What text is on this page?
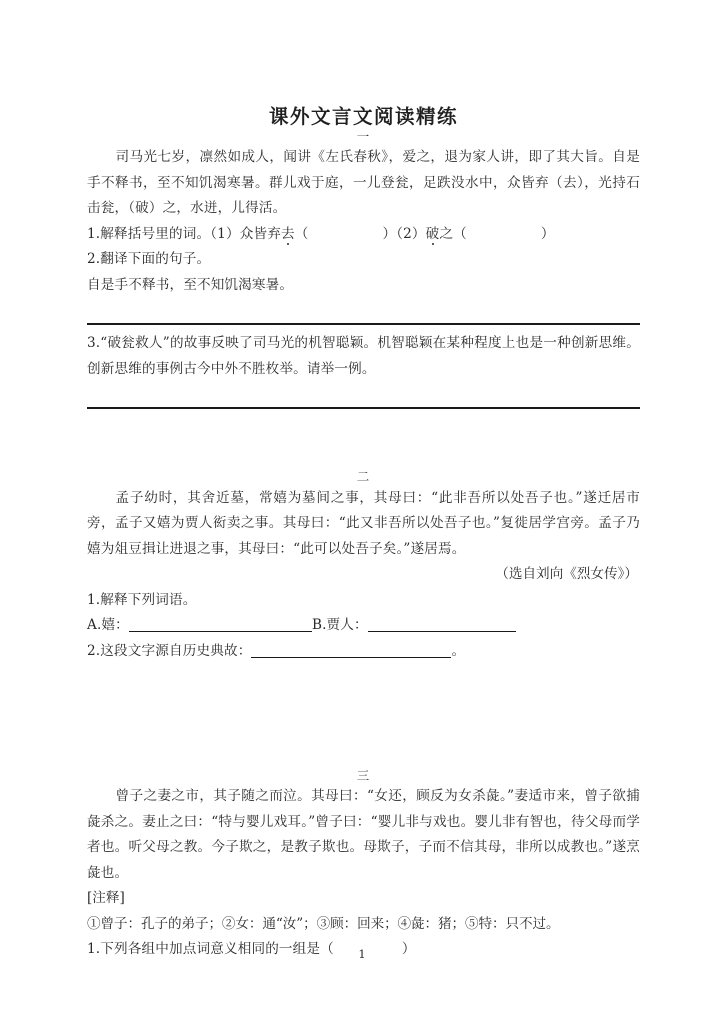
课外文言文阅读精练

一

司马光七岁，凛然如成人，闻讲《左氏春秋》，爱之，退为家人讲，即了其大旨。自是手不释书，至不知饥渴寒暑。群儿戏于庭，一儿登瓮，足跌没水中，众皆弃（去），光持石击瓮，（破）之，水迸，儿得活。

1.解释括号里的词。（1）众皆弃去（	）（2）破之（	）

2.翻译下面的句子。

自是手不释书，至不知饥渴寒暑。

3.“破瓮救人”的故事反映了司马光的机智聪颖。机智聪颖在某种程度上也是一种创新思维。创新思维的事例古今中外不胜枚举。请举一例。

二

孟子幼时，其舍近墓，常嬉为墓间之事，其母曰：“此非吾所以处吾子也。”遂迁居市旁，孟子又嬉为贾人衒卖之事。其母曰：“此又非吾所以处吾子也。”复徙居学宫旁。孟子乃嬉为俎豆揖让进退之事，其母曰：“此可以处吾子矣。”遂居焉。

（选自刘向《烈女传》）

1.解释下列词语。

A.嬉：	B.贾人：

2.这段文字源自历史典故：	。

三

曾子之妻之市，其子随之而泣。其母曰：“女还，顾反为女杀彘。”妻适市来，曾子欲捕彘杀之。妻止之曰：“特与婴儿戏耳。”曾子曰：“婴儿非与戏也。婴儿非有智也，待父母而学者也。听父母之教。今子欺之，是教子欺也。母欺子，子而不信其母，非所以成教也。”遂烹彘也。

[注释]

①曾子：孔子的弟子；②女：通“汝”；③顾：回来；④彘：猪；⑤特：只不过。

1.下列各组中加点词意义相同的一组是（	）

1
